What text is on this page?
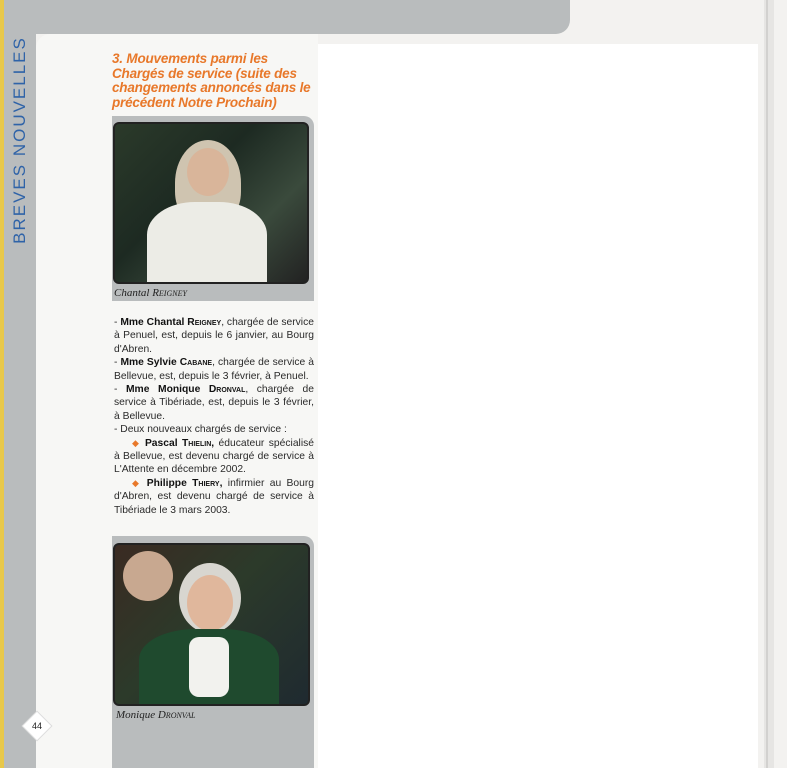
BREVES NOUVELLES	3. Mouvements parmi les Chargés de service (suite des changements annoncés dans le précédent Notre Prochain)
Chantal Reigney

- Mme Chantal Reigney, chargée de service à Penuel, est, depuis le 6 janvier, au Bourg d'Abren.

- Mme Sylvie Cabane, chargée de service à Bellevue, est, depuis le 3 février, à Penuel.

- Mme Monique Dronval, chargée de service à Tibériade, est, depuis le 3 février, à Bellevue.

- Deux nouveaux chargés de service :

◆ Pascal Thielin, éducateur spécialisé à Bellevue, est devenu chargé de service à L'Attente en décembre 2002.

◆ Philippe Thiery, infirmier au Bourg d'Abren, est devenu chargé de service à Tibériade le 3 mars 2003.

Monique Dronval
44
